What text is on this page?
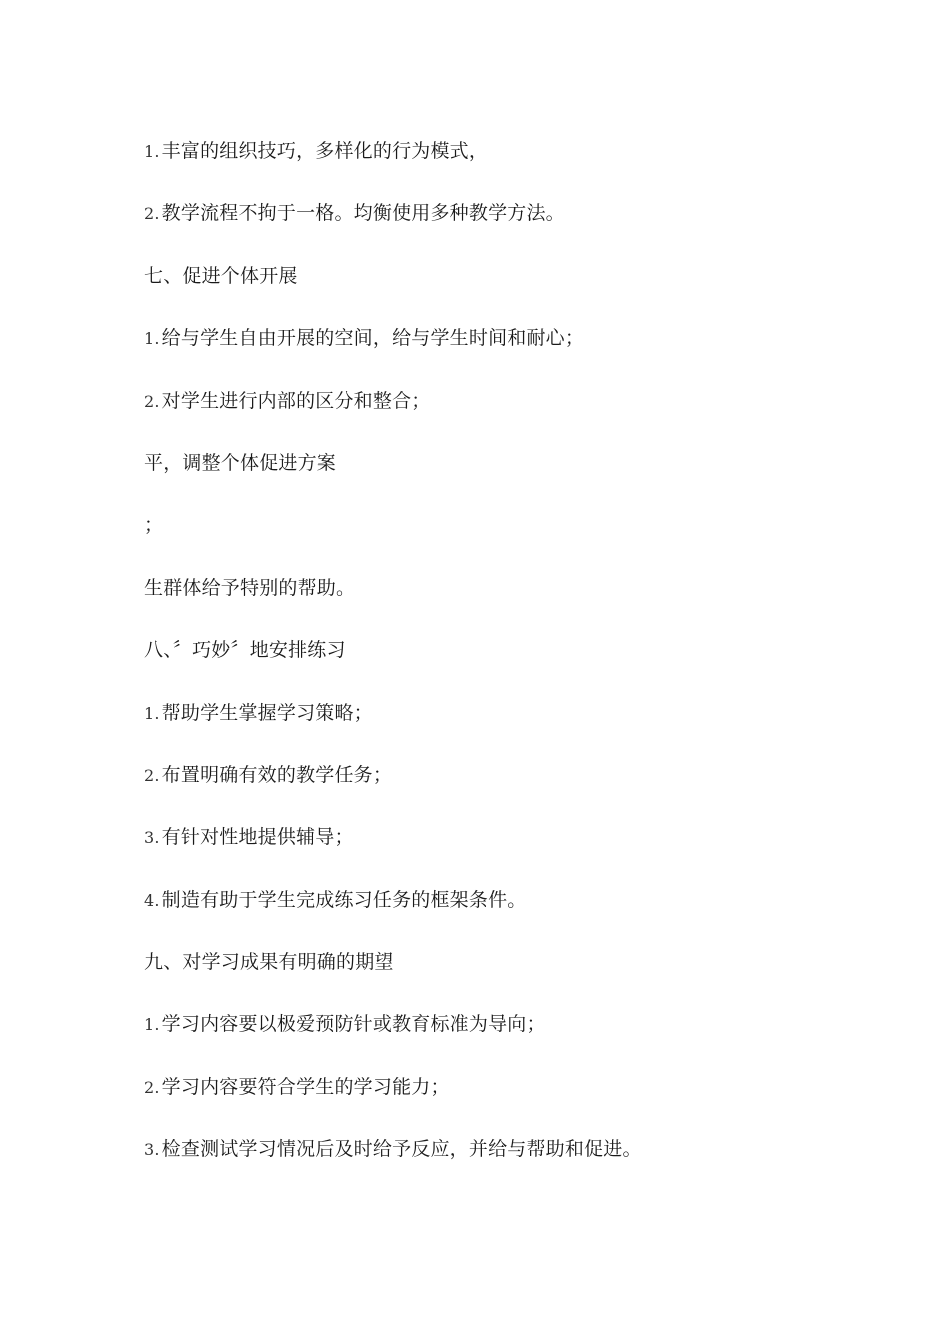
1. 丰富的组织技巧，多样化的行为模式，
2. 教学流程不拘于一格。均衡使用多种教学方法。
七、促进个体开展
1. 给与学生自由开展的空间，给与学生时间和耐心；
2. 对学生进行内部的区分和整合；
平，调整个体促进方案
；
生群体给予特别的帮助。
八、〞巧妙〞地安排练习
1. 帮助学生掌握学习策略；
2. 布置明确有效的教学任务；
3. 有针对性地提供辅导；
4. 制造有助于学生完成练习任务的框架条件。
九、对学习成果有明确的期望
1. 学习内容要以极爱预防针或教育标准为导向；
2. 学习内容要符合学生的学习能力；
3. 检查测试学习情况后及时给予反应，并给与帮助和促进。
